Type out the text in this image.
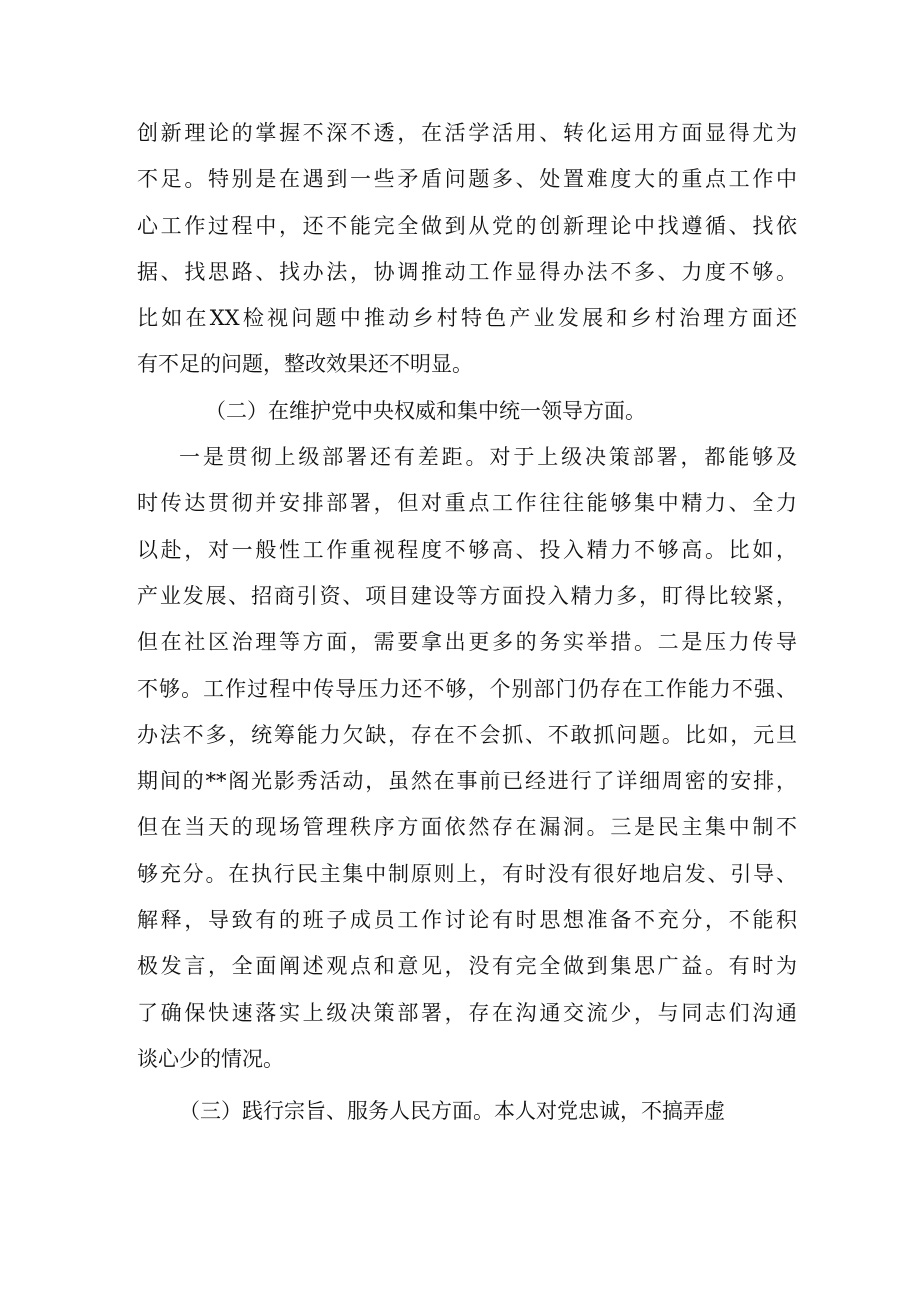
创新理论的掌握不深不透，在活学活用、转化运用方面显得尤为
不足。特别是在遇到一些矛盾问题多、处置难度大的重点工作中
心工作过程中，还不能完全做到从党的创新理论中找遵循、找依
据、找思路、找办法，协调推动工作显得办法不多、力度不够。
比如在XX检视问题中推动乡村特色产业发展和乡村治理方面还
有不足的问题，整改效果还不明显。
（二）在维护党中央权威和集中统一领导方面。
一是贯彻上级部署还有差距。对于上级决策部署，都能够及
时传达贯彻并安排部署，但对重点工作往往能够集中精力、全力
以赴，对一般性工作重视程度不够高、投入精力不够高。比如，
产业发展、招商引资、项目建设等方面投入精力多，盯得比较紧，
但在社区治理等方面，需要拿出更多的务实举措。二是压力传导
不够。工作过程中传导压力还不够，个别部门仍存在工作能力不强、
办法不多，统筹能力欠缺，存在不会抓、不敢抓问题。比如，元旦
期间的**阁光影秀活动，虽然在事前已经进行了详细周密的安排，
但在当天的现场管理秩序方面依然存在漏洞。三是民主集中制不
够充分。在执行民主集中制原则上，有时没有很好地启发、引导、
解释，导致有的班子成员工作讨论有时思想准备不充分，不能积
极发言，全面阐述观点和意见，没有完全做到集思广益。有时为
了确保快速落实上级决策部署，存在沟通交流少，与同志们沟通
谈心少的情况。
（三）践行宗旨、服务人民方面。本人对党忠诚，不搞弄虚
